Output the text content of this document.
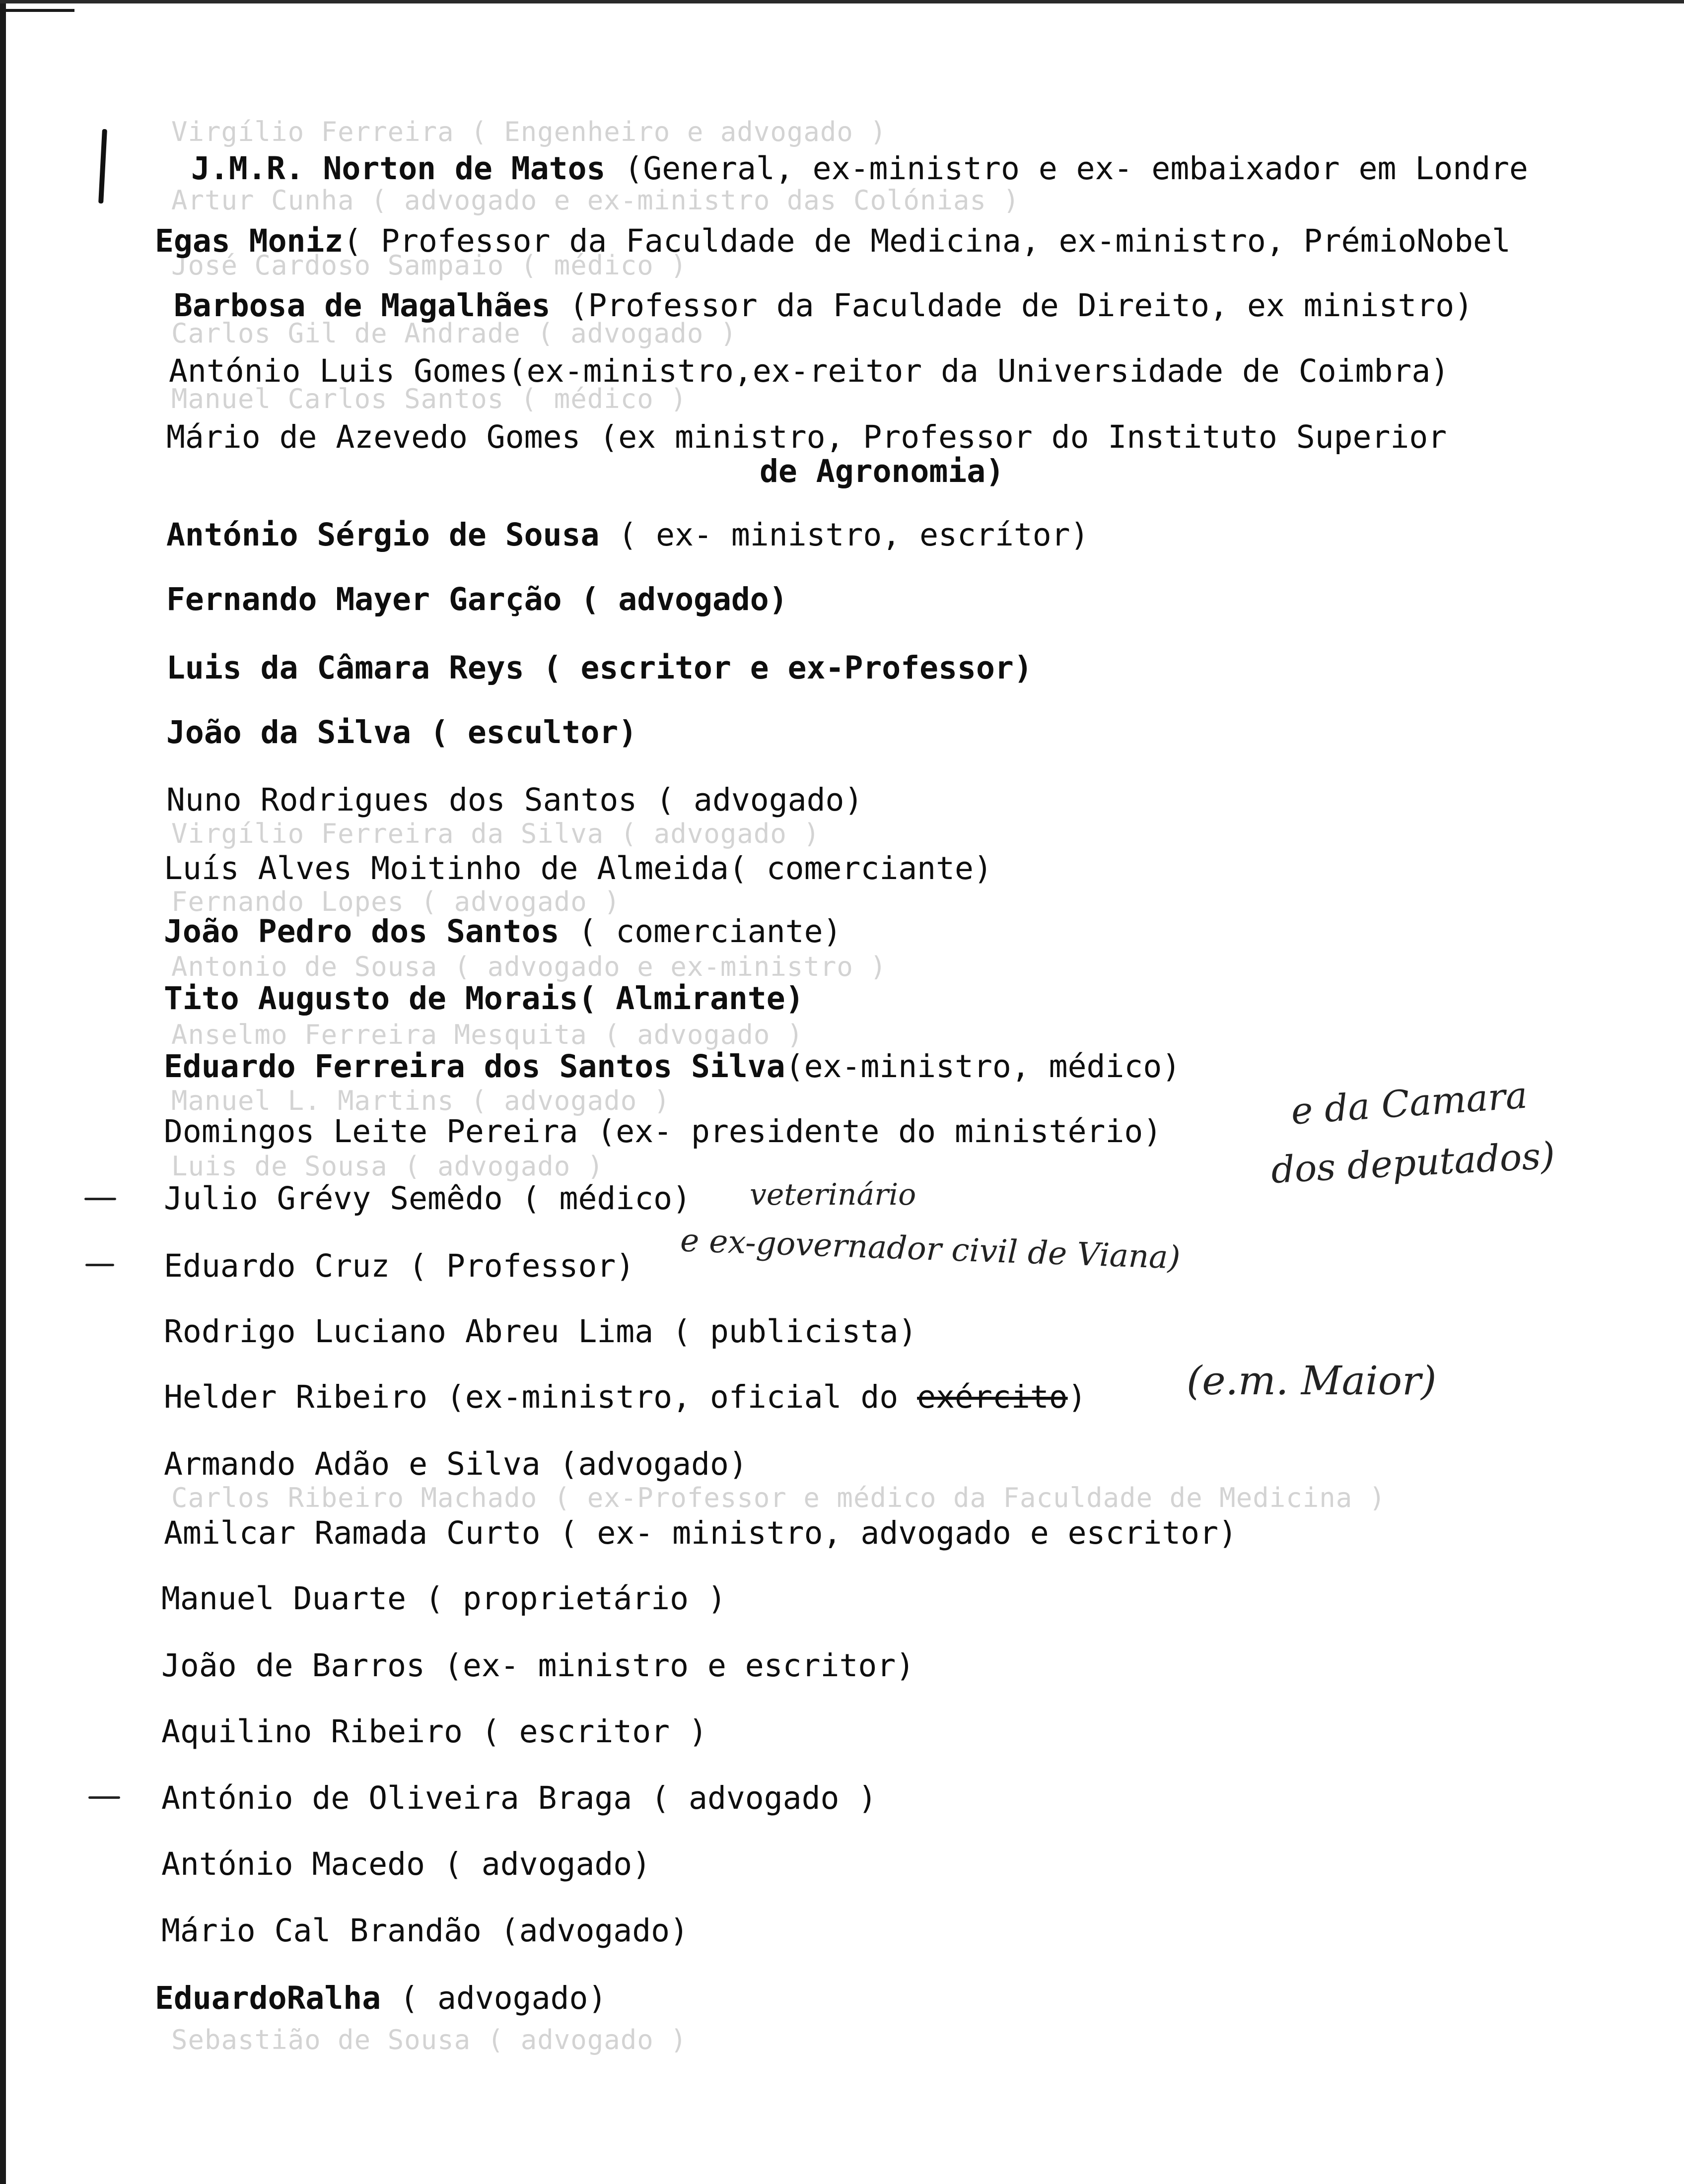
Virgílio Ferreira ( Engenheiro e advogado )
Artur Cunha ( advogado e ex-ministro das Colónias )
José Cardoso Sampaio ( médico )
Carlos Gil de Andrade ( advogado )
Manuel Carlos Santos ( médico )
Virgílio Ferreira da Silva ( advogado )
Fernando Lopes ( advogado )
Antonio de Sousa ( advogado e ex-ministro )
Anselmo Ferreira Mesquita ( advogado )
Manuel L. Martins ( advogado )
Luis de Sousa ( advogado )
Carlos Ribeiro Machado ( ex-Professor e médico da Faculdade de Medicina )
Sebastião de Sousa ( advogado )
J.M.R. Norton de Matos (General, ex-ministro e ex- embaixador em Londre
Egas Moniz( Professor da Faculdade de Medicina, ex-ministro, PrémioNobel
Barbosa de Magalhães (Professor da Faculdade de Direito, ex ministro)
António Luis Gomes(ex-ministro,ex-reitor da Universidade de Coimbra)
Mário de Azevedo Gomes (ex ministro, Professor do Instituto Superior
de Agronomia)
António Sérgio de Sousa ( ex- ministro, escrítor)
Fernando Mayer Garção ( advogado)
Luis da Câmara Reys ( escritor e ex-Professor)
João da Silva ( escultor)
Nuno Rodrigues dos Santos ( advogado)
Luís Alves Moitinho de Almeida( comerciante)
João Pedro dos Santos ( comerciante)
Tito Augusto de Morais( Almirante)
Eduardo Ferreira dos Santos Silva(ex-ministro, médico)
Domingos Leite Pereira (ex- presidente do ministério)
Julio Grévy Semêdo ( médico)
Eduardo Cruz ( Professor)
Rodrigo Luciano Abreu Lima ( publicista)
Helder Ribeiro (ex-ministro, oficial do exército)
Armando Adão e Silva (advogado)
Amilcar Ramada Curto ( ex- ministro, advogado e escritor)
Manuel Duarte ( proprietário )
João de Barros (ex- ministro e escritor)
Aquilino Ribeiro ( escritor )
António de Oliveira Braga ( advogado )
António Macedo ( advogado)
Mário Cal Brandão (advogado)
EduardoRalha ( advogado)
e da Camara
dos deputados)
veterinário
e ex-governador civil de Viana)
(e.m. Maior)
